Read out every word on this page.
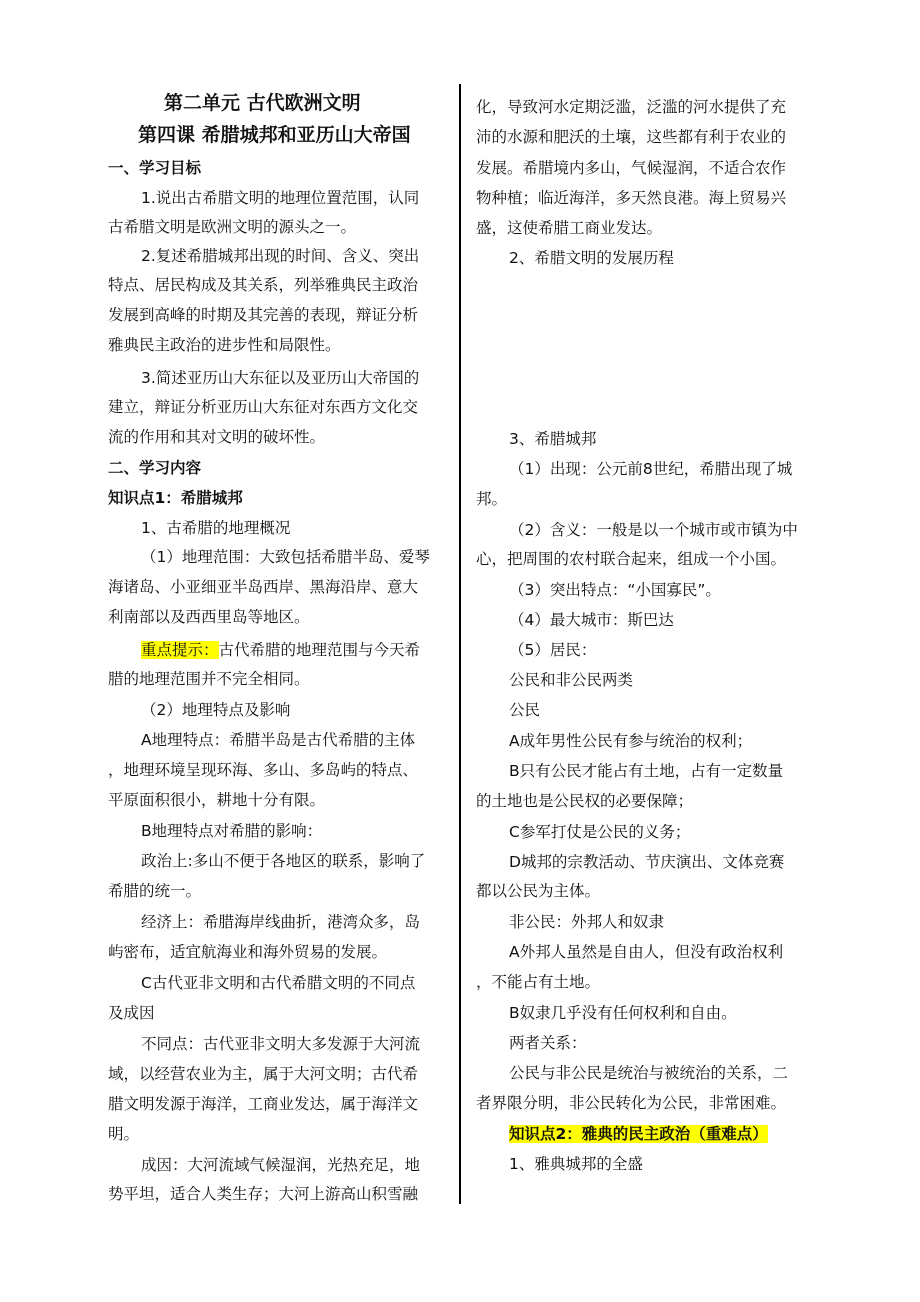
第二单元 古代欧洲文明
第四课 希腊城邦和亚历山大帝国
一、学习目标
1.说出古希腊文明的地理位置范围，认同
古希腊文明是欧洲文明的源头之一。
2.复述希腊城邦出现的时间、含义、突出
特点、居民构成及其关系，列举雅典民主政治
发展到高峰的时期及其完善的表现，辩证分析
雅典民主政治的进步性和局限性。
3.简述亚历山大东征以及亚历山大帝国的
建立，辩证分析亚历山大东征对东西方文化交
流的作用和其对文明的破坏性。
二、学习内容
知识点1：希腊城邦
1、古希腊的地理概况
（1）地理范围：大致包括希腊半岛、爱琴
海诸岛、小亚细亚半岛西岸、黑海沿岸、意大
利南部以及西西里岛等地区。
重点提示：古代希腊的地理范围与今天希
腊的地理范围并不完全相同。
（2）地理特点及影响
A地理特点：希腊半岛是古代希腊的主体
，地理环境呈现环海、多山、多岛屿的特点、
平原面积很小，耕地十分有限。
B地理特点对希腊的影响：
政治上:多山不便于各地区的联系，影响了
希腊的统一。
经济上：希腊海岸线曲折，港湾众多，岛
屿密布，适宜航海业和海外贸易的发展。
C古代亚非文明和古代希腊文明的不同点
及成因
不同点：古代亚非文明大多发源于大河流
域，以经营农业为主，属于大河文明；古代希
腊文明发源于海洋，工商业发达，属于海洋文
明。
成因：大河流域气候湿润，光热充足，地
势平坦，适合人类生存；大河上游高山积雪融
化，导致河水定期泛滥，泛滥的河水提供了充
沛的水源和肥沃的土壤，这些都有利于农业的
发展。希腊境内多山，气候湿润，不适合农作
物种植；临近海洋，多天然良港。海上贸易兴
盛，这使希腊工商业发达。
2、希腊文明的发展历程
3、希腊城邦
（1）出现：公元前8世纪，希腊出现了城
邦。
（2）含义：一般是以一个城市或市镇为中
心，把周围的农村联合起来，组成一个小国。
（3）突出特点：“小国寡民”。
（4）最大城市：斯巴达
（5）居民：
公民和非公民两类
公民
A成年男性公民有参与统治的权利；
B只有公民才能占有土地，占有一定数量
的土地也是公民权的必要保障；
C参军打仗是公民的义务；
D城邦的宗教活动、节庆演出、文体竞赛
都以公民为主体。
非公民：外邦人和奴隶
A外邦人虽然是自由人，但没有政治权利
，不能占有土地。
B奴隶几乎没有任何权利和自由。
两者关系：
公民与非公民是统治与被统治的关系，二
者界限分明，非公民转化为公民，非常困难。
知识点2：雅典的民主政治（重难点）
1、雅典城邦的全盛
